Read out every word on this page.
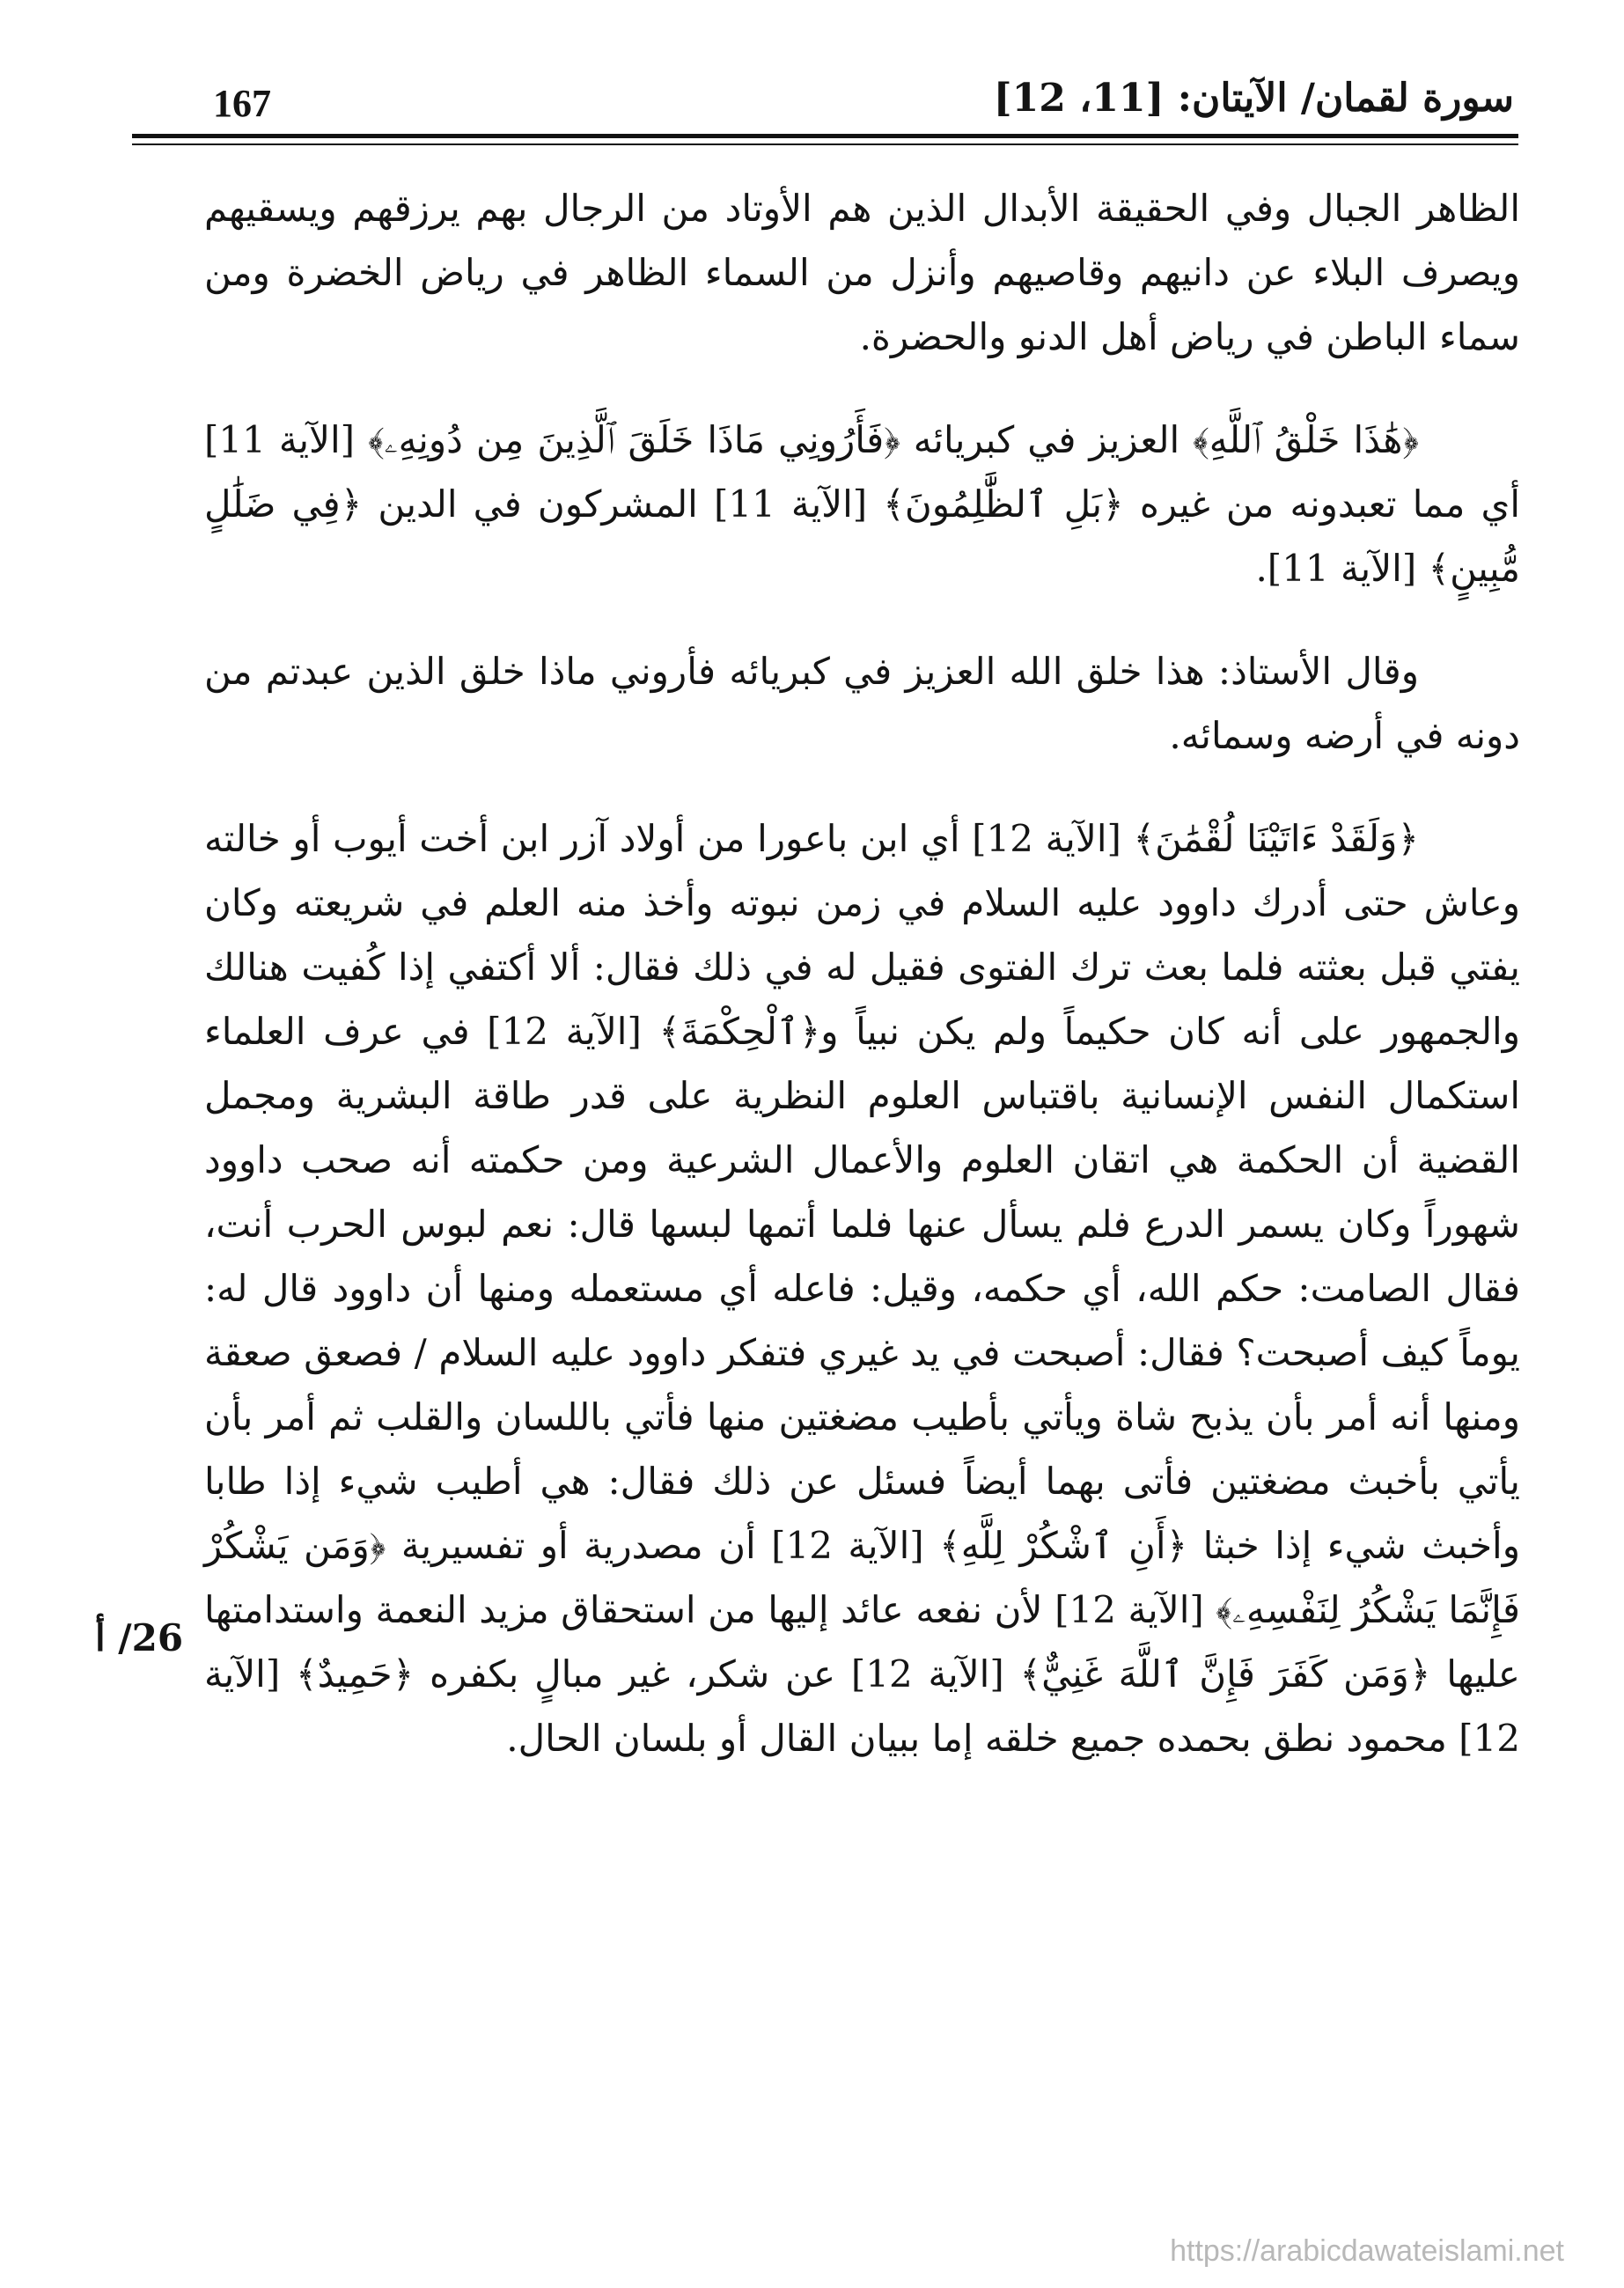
167	سورة لقمان/ الآيتان: [11، 12]

الظاهر الجبال وفي الحقيقة الأبدال الذين هم الأوتاد من الرجال بهم يرزقهم ويسقيهم ويصرف البلاء عن دانيهم وقاصيهم وأنزل من السماء الظاهر في رياض الخضرة ومن سماء الباطن في رياض أهل الدنو والحضرة.

﴿هَٰذَا خَلْقُ ٱللَّهِ﴾ العزيز في كبريائه ﴿فَأَرُونِي مَاذَا خَلَقَ ٱلَّذِينَ مِن دُونِهِۦ﴾ [الآية 11] أي مما تعبدونه من غيره ﴿بَلِ ٱلظَّٰلِمُونَ﴾ [الآية 11] المشركون في الدين ﴿فِي ضَلَٰلٍ مُّبِينٍ﴾ [الآية 11].

وقال الأستاذ: هذا خلق الله العزيز في كبريائه فأروني ماذا خلق الذين عبدتم من دونه في أرضه وسمائه.

﴿وَلَقَدْ ءَاتَيْنَا لُقْمَٰنَ﴾ [الآية 12] أي ابن باعورا من أولاد آزر ابن أخت أيوب أو خالته وعاش حتى أدرك داوود عليه السلام في زمن نبوته وأخذ منه العلم في شريعته وكان يفتي قبل بعثته فلما بعث ترك الفتوى فقيل له في ذلك فقال: ألا أكتفي إذا كُفيت هنالك والجمهور على أنه كان حكيماً ولم يكن نبياً و﴿ٱلْحِكْمَةَ﴾ [الآية 12] في عرف العلماء استكمال النفس الإنسانية باقتباس العلوم النظرية على قدر طاقة البشرية ومجمل القضية أن الحكمة هي اتقان العلوم والأعمال الشرعية ومن حكمته أنه صحب داوود شهوراً وكان يسمر الدرع فلم يسأل عنها فلما أتمها لبسها قال: نعم لبوس الحرب أنت، فقال الصامت: حكم الله، أي حكمه، وقيل: فاعله أي مستعمله ومنها أن داوود قال له: يوماً كيف أصبحت؟ فقال: أصبحت في يد غيري فتفكر داوود عليه السلام / فصعق صعقة ومنها أنه أمر بأن يذبح شاة ويأتي بأطيب مضغتين منها فأتي باللسان والقلب ثم أمر بأن يأتي بأخبث مضغتين فأتى بهما أيضاً فسئل عن ذلك فقال: هي أطيب شيء إذا طابا وأخبث شيء إذا خبثا ﴿أَنِ ٱشْكُرْ لِلَّهِ﴾ [الآية 12] أن مصدرية أو تفسيرية ﴿وَمَن يَشْكُرْ فَإِنَّمَا يَشْكُرُ لِنَفْسِهِۦ﴾ [الآية 12] لأن نفعه عائد إليها من استحقاق مزيد النعمة واستدامتها عليها ﴿وَمَن كَفَرَ فَإِنَّ ٱللَّهَ غَنِيٌّ﴾ [الآية 12] عن شكر، غير مبالٍ بكفره ﴿حَمِيدٌ﴾ [الآية 12] محمود نطق بحمده جميع خلقه إما ببيان القال أو بلسان الحال.

26/ أ
https://arabicdawateislami.net
